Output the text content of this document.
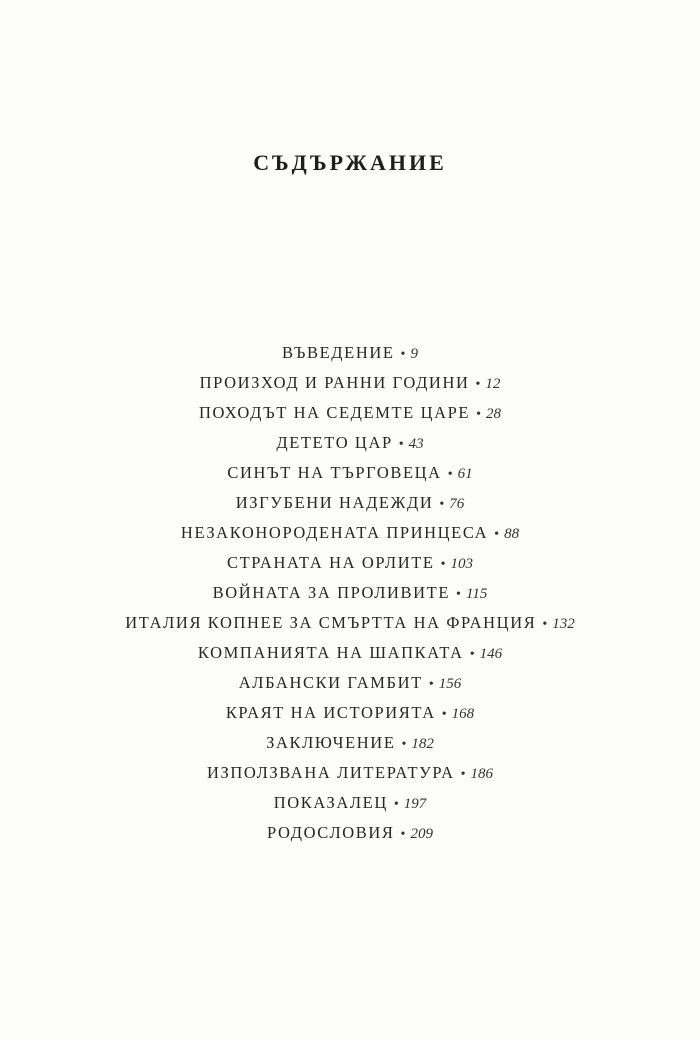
СЪДЪРЖАНИЕ
ВЪВЕДЕНИЕ • 9
ПРОИЗХОД И РАННИ ГОДИНИ • 12
ПОХОДЪТ НА СЕДЕМТЕ ЦАРЕ • 28
ДЕТЕТО ЦАР • 43
СИНЪТ НА ТЪРГОВЕЦА • 61
ИЗГУБЕНИ НАДЕЖДИ • 76
НЕЗАКОНОРОДЕНАТА ПРИНЦЕСА • 88
СТРАНАТА НА ОРЛИТЕ • 103
ВОЙНАТА ЗА ПРОЛИВИТЕ • 115
ИТАЛИЯ КОПНЕЕ ЗА СМЪРТТА НА ФРАНЦИЯ • 132
КОМПАНИЯТА НА ШАПКАТА • 146
АЛБАНСКИ ГАМБИТ • 156
КРАЯТ НА ИСТОРИЯТА • 168
ЗАКЛЮЧЕНИЕ • 182
ИЗПОЛЗВАНА ЛИТЕРАТУРА • 186
ПОКАЗАЛЕЦ • 197
РОДОСЛОВИЯ • 209
